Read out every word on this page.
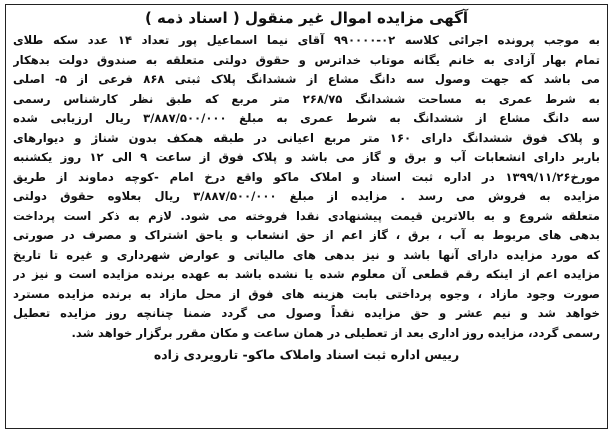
آگهی مزایده اموال غیر منقول ( اسناد ذمه )
به موجب پرونده اجرائی کلاسه ۰۲-۹۹۰۰۰۰ آقای نیما اسماعیل پور تعداد ۱۴ عدد سکه طلای
تمام بهار آزادی به خانم یگانه موتاب خداترس و حقوق دولتی متعلقه به صندوق دولت بدهکار
می باشد که جهت وصول سه دانگ مشاع از ششدانگ پلاک ثبتی ۸۶۸ فرعی از ۵- اصلی
به شرط عمری به مساحت ششدانگ ۲۶۸/۷۵ متر مربع که طبق نظر کارشناس رسمی
سه دانگ مشاع از ششدانگ به شرط عمری به مبلغ ۳/۸۸۷/۵۰۰/۰۰۰ ریال ارزیابی شده
و پلاک فوق ششدانگ دارای ۱۶۰ متر مربع اعیانی در طبقه همکف بدون شناژ و دیوارهای
باربر دارای انشعابات آب و برق و گاز می باشد و پلاک فوق از ساعت ۹ الی ۱۲ روز یکشنبه
مورخ۱۳۹۹/۱۱/۲۶ در اداره ثبت اسناد و املاک ماکو واقع درخ امام -کوچه دماوند از طریق
مزایده به فروش می رسد . مزایده از مبلغ ۳/۸۸۷/۵۰۰/۰۰۰ ریال بعلاوه حقوق دولتی
متعلقه شروع و به بالاترین قیمت پیشنهادی نقدا فروخته می شود. لازم به ذکر است پرداخت
بدهی های مربوط به آب ، برق ، گاز اعم از حق انشعاب و یاحق اشتراک و مصرف در صورتی
که مورد مزایده دارای آنها باشد و نیز بدهی های مالیاتی و عوارض شهرداری و غیره تا تاریخ
مزایده اعم از اینکه رقم قطعی آن معلوم شده یا نشده باشد به عهده برنده مزایده است و نیز در
صورت وجود مازاد ، وجوه پرداختی بابت هزینه های فوق از محل مازاد به برنده مزایده مسترد
خواهد شد و نیم عشر و حق مزایده نقداً وصول می گردد ضمنا چنانچه روز مزایده تعطیل
رسمی گردد، مزایده روز اداری بعد از تعطیلی در همان ساعت و مکان مقرر برگزار خواهد شد.
رییس اداره ثبت اسناد واملاک ماکو- تارویردی زاده
